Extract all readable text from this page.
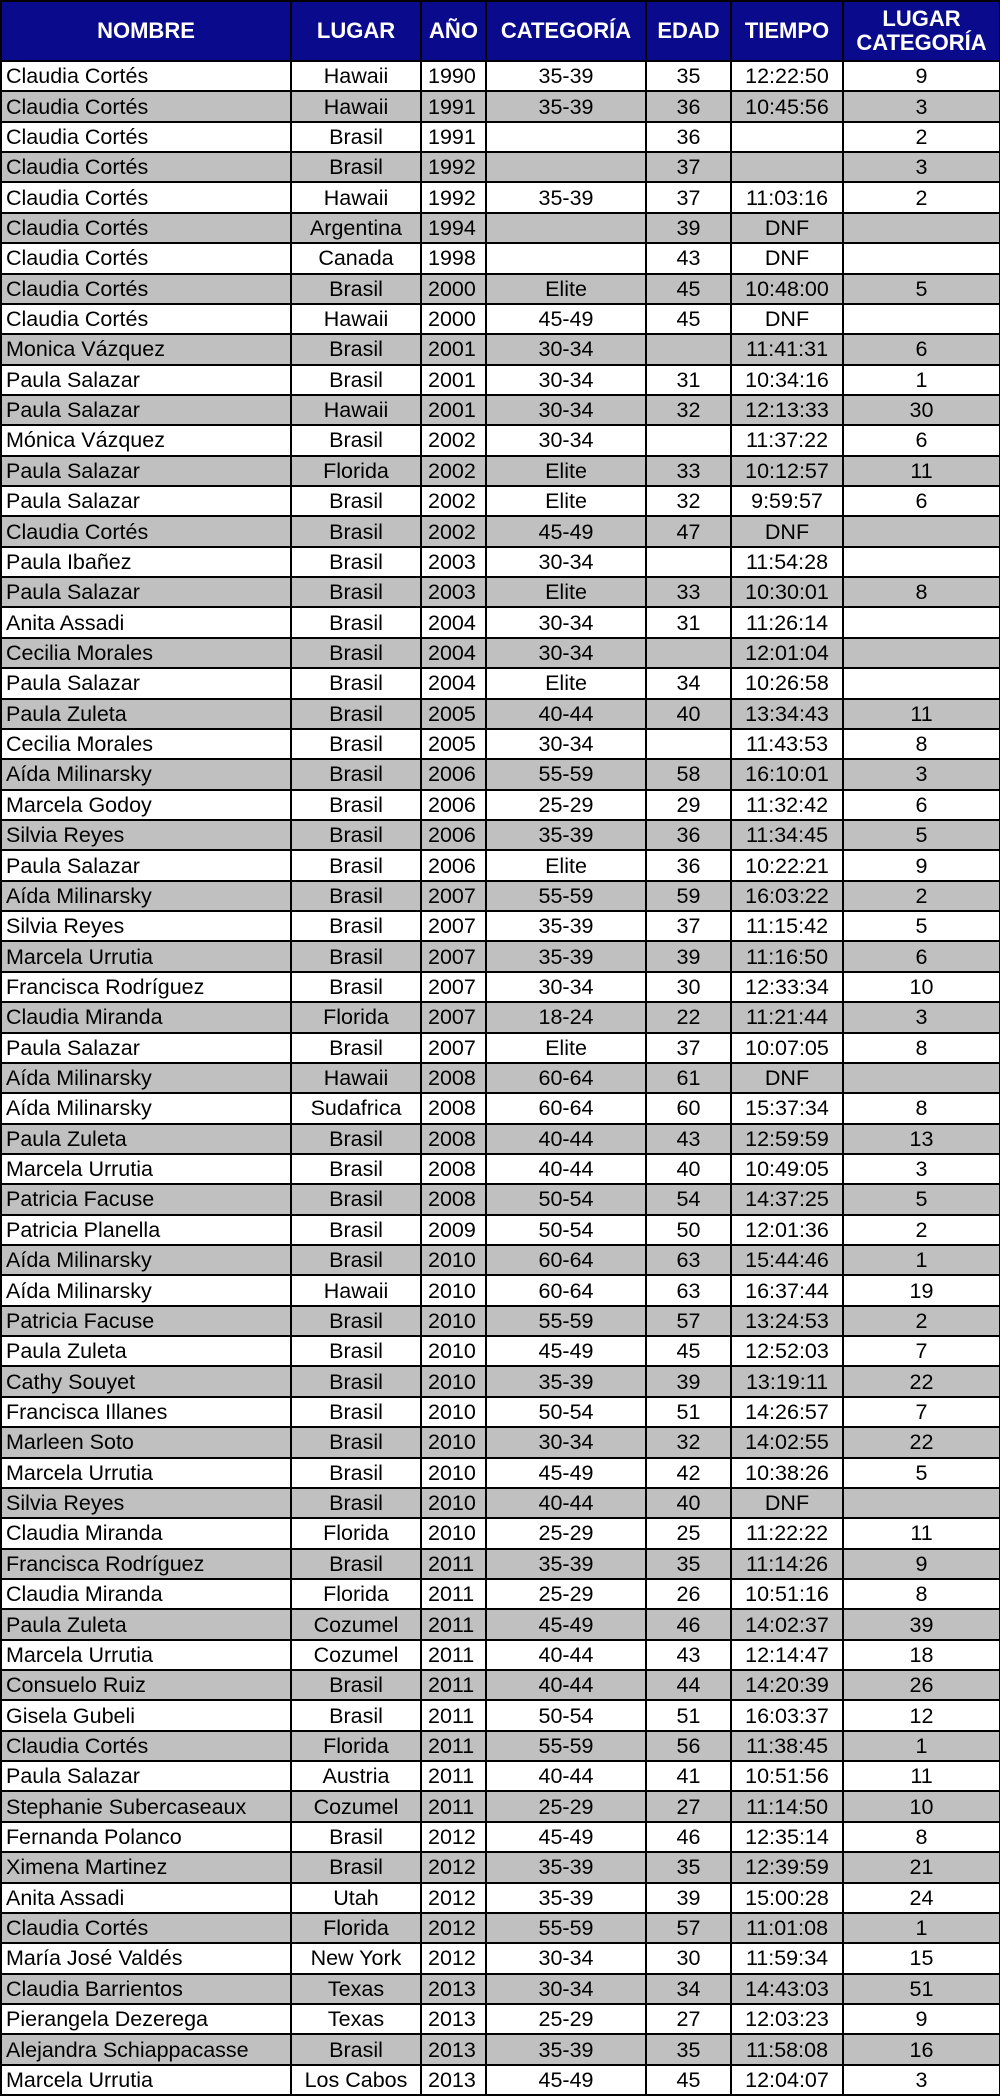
NOMBRE	LUGAR	AÑO	CATEGORÍA	EDAD	TIEMPO	LUGAR CATEGORÍA
Claudia Cortés	Hawaii	1990	35-39	35	12:22:50	9
Claudia Cortés	Hawaii	1991	35-39	36	10:45:56	3
Claudia Cortés	Brasil	1991		36		2
Claudia Cortés	Brasil	1992		37		3
Claudia Cortés	Hawaii	1992	35-39	37	11:03:16	2
Claudia Cortés	Argentina	1994		39	DNF	
Claudia Cortés	Canada	1998		43	DNF	
Claudia Cortés	Brasil	2000	Elite	45	10:48:00	5
Claudia Cortés	Hawaii	2000	45-49	45	DNF	
Monica Vázquez	Brasil	2001	30-34		11:41:31	6
Paula Salazar	Brasil	2001	30-34	31	10:34:16	1
Paula Salazar	Hawaii	2001	30-34	32	12:13:33	30
Mónica Vázquez	Brasil	2002	30-34		11:37:22	6
Paula Salazar	Florida	2002	Elite	33	10:12:57	11
Paula Salazar	Brasil	2002	Elite	32	9:59:57	6
Claudia Cortés	Brasil	2002	45-49	47	DNF	
Paula Ibañez	Brasil	2003	30-34		11:54:28	
Paula Salazar	Brasil	2003	Elite	33	10:30:01	8
Anita Assadi	Brasil	2004	30-34	31	11:26:14	
Cecilia Morales	Brasil	2004	30-34		12:01:04	
Paula Salazar	Brasil	2004	Elite	34	10:26:58	
Paula Zuleta	Brasil	2005	40-44	40	13:34:43	11
Cecilia Morales	Brasil	2005	30-34		11:43:53	8
Aída Milinarsky	Brasil	2006	55-59	58	16:10:01	3
Marcela Godoy	Brasil	2006	25-29	29	11:32:42	6
Silvia Reyes	Brasil	2006	35-39	36	11:34:45	5
Paula Salazar	Brasil	2006	Elite	36	10:22:21	9
Aída Milinarsky	Brasil	2007	55-59	59	16:03:22	2
Silvia Reyes	Brasil	2007	35-39	37	11:15:42	5
Marcela Urrutia	Brasil	2007	35-39	39	11:16:50	6
Francisca Rodríguez	Brasil	2007	30-34	30	12:33:34	10
Claudia Miranda	Florida	2007	18-24	22	11:21:44	3
Paula Salazar	Brasil	2007	Elite	37	10:07:05	8
Aída Milinarsky	Hawaii	2008	60-64	61	DNF	
Aída Milinarsky	Sudafrica	2008	60-64	60	15:37:34	8
Paula Zuleta	Brasil	2008	40-44	43	12:59:59	13
Marcela Urrutia	Brasil	2008	40-44	40	10:49:05	3
Patricia Facuse	Brasil	2008	50-54	54	14:37:25	5
Patricia Planella	Brasil	2009	50-54	50	12:01:36	2
Aída Milinarsky	Brasil	2010	60-64	63	15:44:46	1
Aída Milinarsky	Hawaii	2010	60-64	63	16:37:44	19
Patricia Facuse	Brasil	2010	55-59	57	13:24:53	2
Paula Zuleta	Brasil	2010	45-49	45	12:52:03	7
Cathy Souyet	Brasil	2010	35-39	39	13:19:11	22
Francisca Illanes	Brasil	2010	50-54	51	14:26:57	7
Marleen Soto	Brasil	2010	30-34	32	14:02:55	22
Marcela Urrutia	Brasil	2010	45-49	42	10:38:26	5
Silvia Reyes	Brasil	2010	40-44	40	DNF	
Claudia Miranda	Florida	2010	25-29	25	11:22:22	11
Francisca Rodríguez	Brasil	2011	35-39	35	11:14:26	9
Claudia Miranda	Florida	2011	25-29	26	10:51:16	8
Paula Zuleta	Cozumel	2011	45-49	46	14:02:37	39
Marcela Urrutia	Cozumel	2011	40-44	43	12:14:47	18
Consuelo Ruiz	Brasil	2011	40-44	44	14:20:39	26
Gisela Gubeli	Brasil	2011	50-54	51	16:03:37	12
Claudia Cortés	Florida	2011	55-59	56	11:38:45	1
Paula Salazar	Austria	2011	40-44	41	10:51:56	11
Stephanie Subercaseaux	Cozumel	2011	25-29	27	11:14:50	10
Fernanda Polanco	Brasil	2012	45-49	46	12:35:14	8
Ximena Martinez	Brasil	2012	35-39	35	12:39:59	21
Anita Assadi	Utah	2012	35-39	39	15:00:28	24
Claudia Cortés	Florida	2012	55-59	57	11:01:08	1
María José Valdés	New York	2012	30-34	30	11:59:34	15
Claudia Barrientos	Texas	2013	30-34	34	14:43:03	51
Pierangela Dezerega	Texas	2013	25-29	27	12:03:23	9
Alejandra Schiappacasse	Brasil	2013	35-39	35	11:58:08	16
Marcela Urrutia	Los Cabos	2013	45-49	45	12:04:07	3
